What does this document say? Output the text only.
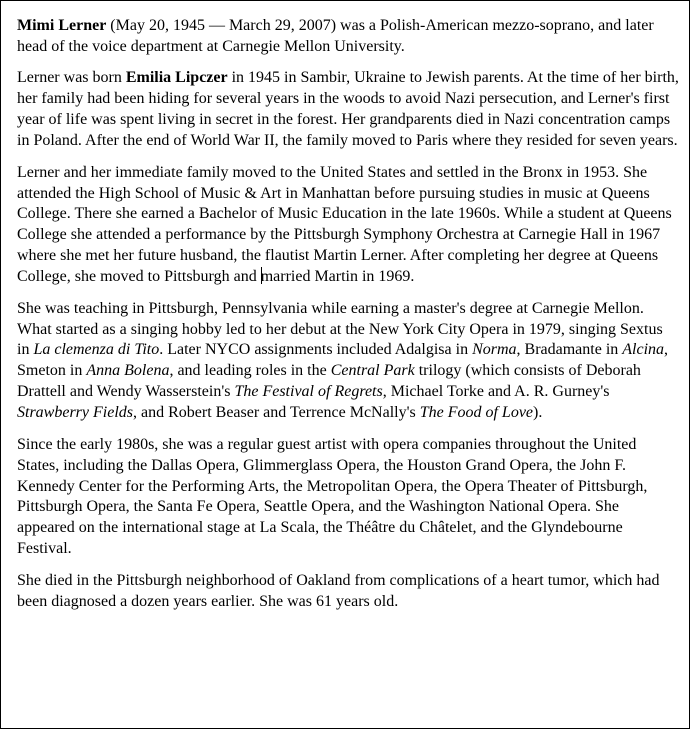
Mimi Lerner (May 20, 1945 — March 29, 2007) was a Polish-American mezzo-soprano, and later head of the voice department at Carnegie Mellon University.

Lerner was born Emilia Lipczer in 1945 in Sambir, Ukraine to Jewish parents. At the time of her birth, her family had been hiding for several years in the woods to avoid Nazi persecution, and Lerner's first year of life was spent living in secret in the forest. Her grandparents died in Nazi concentration camps in Poland. After the end of World War II, the family moved to Paris where they resided for seven years.

Lerner and her immediate family moved to the United States and settled in the Bronx in 1953. She attended the High School of Music & Art in Manhattan before pursuing studies in music at Queens College. There she earned a Bachelor of Music Education in the late 1960s. While a student at Queens College she attended a performance by the Pittsburgh Symphony Orchestra at Carnegie Hall in 1967 where she met her future husband, the flautist Martin Lerner. After completing her degree at Queens College, she moved to Pittsburgh and married Martin in 1969.

She was teaching in Pittsburgh, Pennsylvania while earning a master's degree at Carnegie Mellon. What started as a singing hobby led to her debut at the New York City Opera in 1979, singing Sextus in La clemenza di Tito. Later NYCO assignments included Adalgisa in Norma, Bradamante in Alcina, Smeton in Anna Bolena, and leading roles in the Central Park trilogy (which consists of Deborah Drattell and Wendy Wasserstein's The Festival of Regrets, Michael Torke and A. R. Gurney's Strawberry Fields, and Robert Beaser and Terrence McNally's The Food of Love).

Since the early 1980s, she was a regular guest artist with opera companies throughout the United States, including the Dallas Opera, Glimmerglass Opera, the Houston Grand Opera, the John F. Kennedy Center for the Performing Arts, the Metropolitan Opera, the Opera Theater of Pittsburgh, Pittsburgh Opera, the Santa Fe Opera, Seattle Opera, and the Washington National Opera. She appeared on the international stage at La Scala, the Théâtre du Châtelet, and the Glyndebourne Festival.

She died in the Pittsburgh neighborhood of Oakland from complications of a heart tumor, which had been diagnosed a dozen years earlier. She was 61 years old.
